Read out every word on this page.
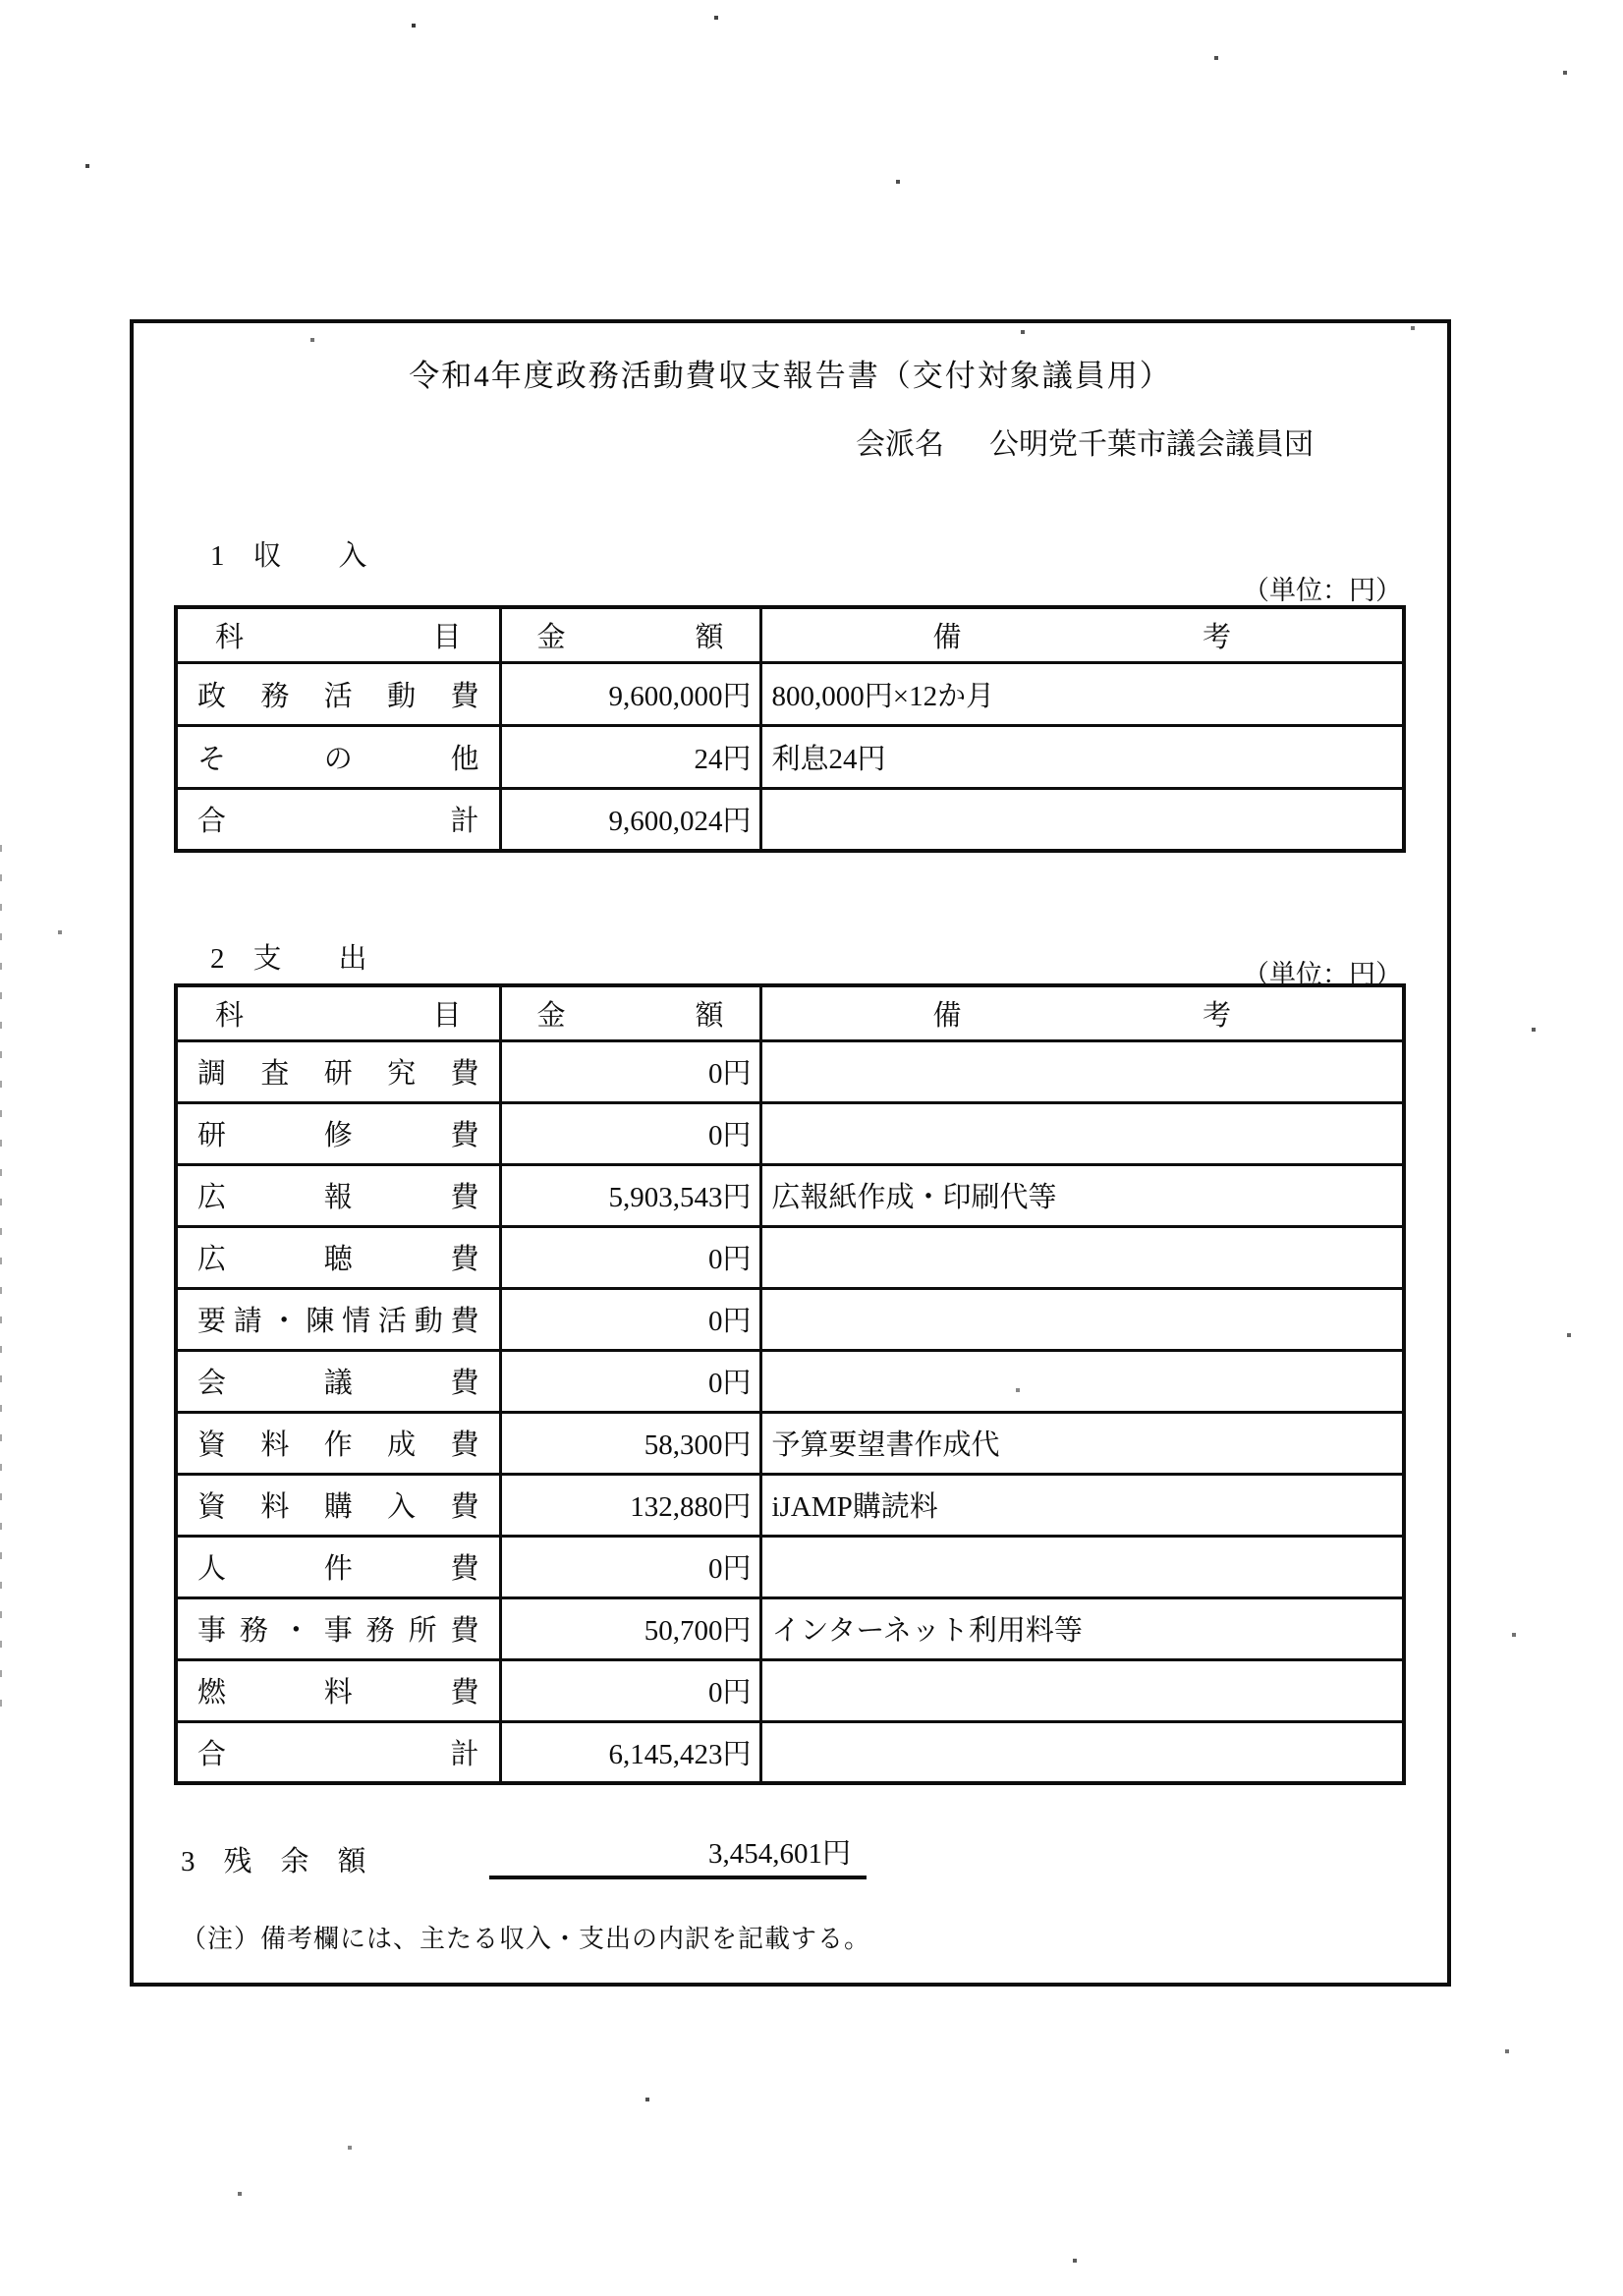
令和4年度政務活動費収支報告書（交付対象議員用）
会派名 公明党千葉市議会議員団
1　収　　入
（単位：円）
科目	金額	備考
政務活動費	9,600,000円	800,000円×12か月
その他	24円	利息24円
合計	9,600,024円	
2　支　　出	（単位：円）
科目	金額	備考
調査研究費	0円	
研修費	0円	
広報費	5,903,543円	広報紙作成・印刷代等
広聴費	0円	
要請・陳情活動費	0円	
会議費	0円	
資料作成費	58,300円	予算要望書作成代
資料購入費	132,880円	iJAMP購読料
人件費	0円	
事務・事務所費	50,700円	インターネット利用料等
燃料費	0円	
合計	6,145,423円	
3　残　余　額	3,454,601円
（注）備考欄には、主たる収入・支出の内訳を記載する。
